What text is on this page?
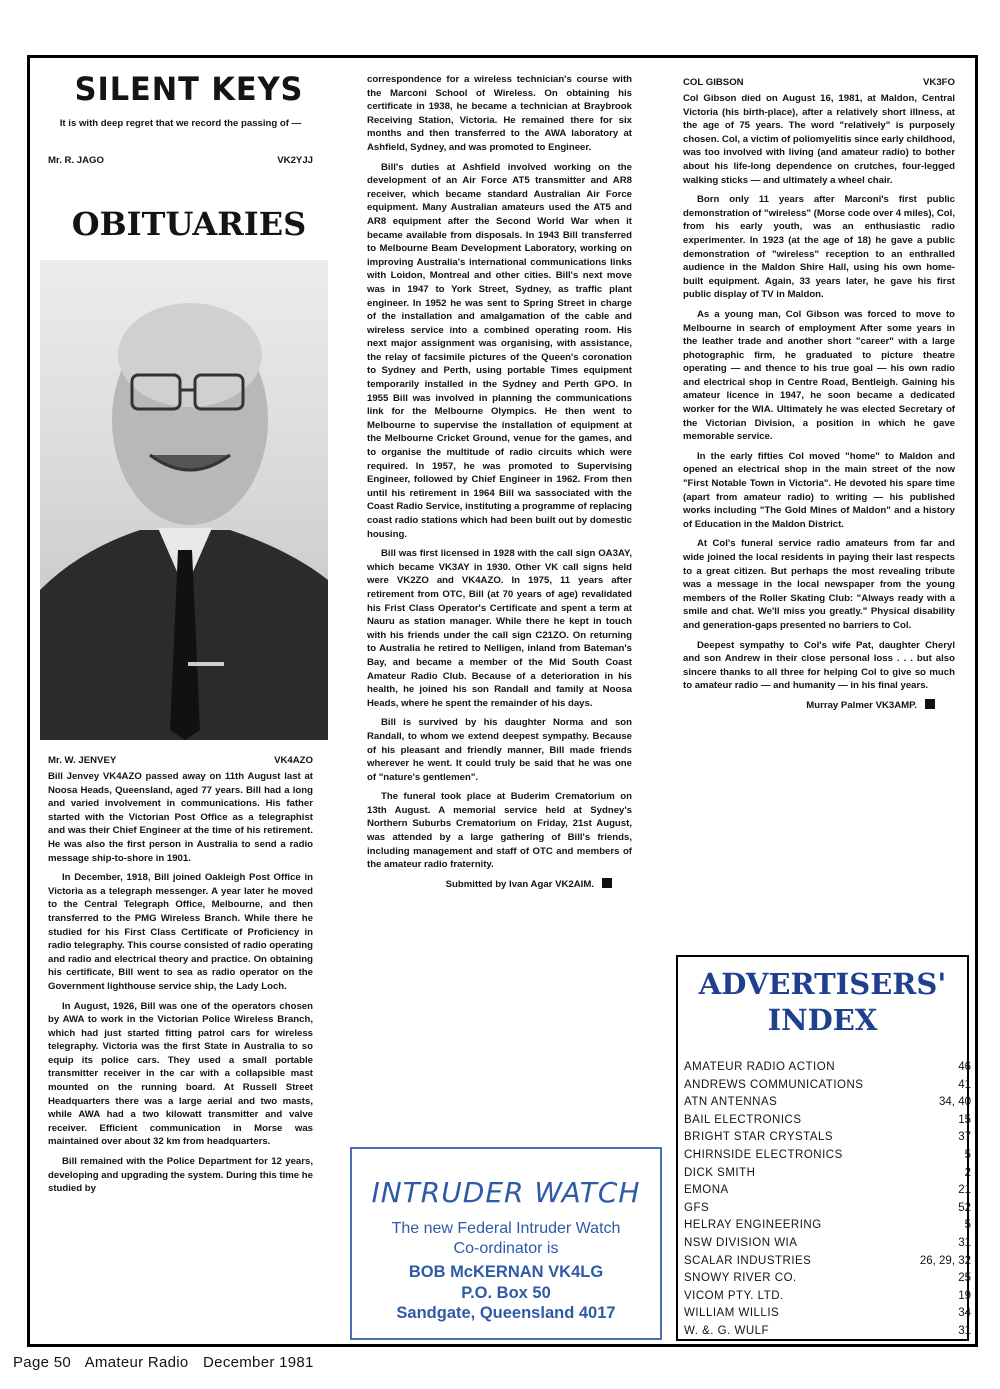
SILENT KEYS
It is with deep regret that we record the passing of —
Mr. R. JAGO	VK2YJJ
OBITUARIES
Mr. W. JENVEY	VK4AZO

Bill Jenvey VK4AZO passed away on 11th August last at Noosa Heads, Queensland, aged 77 years. Bill had a long and varied involvement in communications. His father started with the Victorian Post Office as a telegraphist and was their Chief Engineer at the time of his retirement. He was also the first person in Australia to send a radio message ship-to-shore in 1901.

In December, 1918, Bill joined Oakleigh Post Office in Victoria as a telegraph messenger. A year later he moved to the Central Telegraph Office, Melbourne, and then transferred to the PMG Wireless Branch. While there he studied for his First Class Certificate of Proficiency in radio telegraphy. This course consisted of radio operating and radio and electrical theory and practice. On obtaining his certificate, Bill went to sea as radio operator on the Government lighthouse service ship, the Lady Loch.

In August, 1926, Bill was one of the operators chosen by AWA to work in the Victorian Police Wireless Branch, which had just started fitting patrol cars for wireless telegraphy. Victoria was the first State in Australia to so equip its police cars. They used a small portable transmitter receiver in the car with a collapsible mast mounted on the running board. At Russell Street Headquarters there was a large aerial and two masts, while AWA had a two kilowatt transmitter and valve receiver. Efficient communication in Morse was maintained over about 32 km from headquarters.

Bill remained with the Police Department for 12 years, developing and upgrading the system. During this time he studied by

correspondence for a wireless technician's course with the Marconi School of Wireless. On obtaining his certificate in 1938, he became a technician at Braybrook Receiving Station, Victoria. He remained there for six months and then transferred to the AWA laboratory at Ashfield, Sydney, and was promoted to Engineer.

Bill's duties at Ashfield involved working on the development of an Air Force AT5 transmitter and AR8 receiver, which became standard Australian Air Force equipment. Many Australian amateurs used the AT5 and AR8 equipment after the Second World War when it became available from disposals. In 1943 Bill transferred to Melbourne Beam Development Laboratory, working on improving Australia's international communications links with Loidon, Montreal and other cities. Bill's next move was in 1947 to York Street, Sydney, as traffic plant engineer. In 1952 he was sent to Spring Street in charge of the installation and amalgamation of the cable and wireless service into a combined operating room. His next major assignment was organising, with assistance, the relay of facsimile pictures of the Queen's coronation to Sydney and Perth, using portable Times equipment temporarily installed in the Sydney and Perth GPO. In 1955 Bill was involved in planning the communications link for the Melbourne Olympics. He then went to Melbourne to supervise the installation of equipment at the Melbourne Cricket Ground, venue for the games, and to organise the multitude of radio circuits which were required. In 1957, he was promoted to Supervising Engineer, followed by Chief Engineer in 1962. From then until his retirement in 1964 Bill wa sassociated with the Coast Radio Service, instituting a programme of replacing coast radio stations which had been built out by domestic housing.

Bill was first licensed in 1928 with the call sign OA3AY, which became VK3AY in 1930. Other VK call signs held were VK2ZO and VK4AZO. In 1975, 11 years after retirement from OTC, Bill (at 70 years of age) revalidated his Frist Class Operator's Certificate and spent a term at Nauru as station manager. While there he kept in touch with his friends under the call sign C21ZO. On returning to Australia he retired to Nelligen, inland from Bateman's Bay, and became a member of the Mid South Coast Amateur Radio Club. Because of a deterioration in his health, he joined his son Randall and family at Noosa Heads, where he spent the remainder of his days.

Bill is survived by his daughter Norma and son Randall, to whom we extend deepest sympathy. Because of his pleasant and friendly manner, Bill made friends wherever he went. It could truly be said that he was one of "nature's gentlemen".

The funeral took place at Buderim Crematorium on 13th August. A memorial service held at Sydney's Northern Suburbs Crematorium on Friday, 21st August, was attended by a large gathering of Bill's friends, including management and staff of OTC and members of the amateur radio fraternity.

Submitted by Ivan Agar VK2AIM.
INTRUDER WATCH
The new Federal Intruder Watch
Co-ordinator is
BOB McKERNAN VK4LG
P.O. Box 50
Sandgate, Queensland 4017
COL GIBSON	VK3FO

Col Gibson died on August 16, 1981, at Maldon, Central Victoria (his birth-place), after a relatively short illness, at the age of 75 years. The word "relatively" is purposely chosen. Col, a victim of poliomyelitis since early childhood, was too involved with living (and amateur radio) to bother about his life-long dependence on crutches, four-legged walking sticks — and ultimately a wheel chair.

Born only 11 years after Marconi's first public demonstration of "wireless" (Morse code over 4 miles), Col, from his early youth, was an enthusiastic radio experimenter. In 1923 (at the age of 18) he gave a public demonstration of "wireless" reception to an enthralled audience in the Maldon Shire Hall, using his own home-built equipment. Again, 33 years later, he gave his first public display of TV in Maldon.

As a young man, Col Gibson was forced to move to Melbourne in search of employment After some years in the leather trade and another short "career" with a large photographic firm, he graduated to picture theatre operating — and thence to his true goal — his own radio and electrical shop in Centre Road, Bentleigh. Gaining his amateur licence in 1947, he soon became a dedicated worker for the WIA. Ultimately he was elected Secretary of the Victorian Division, a position in which he gave memorable service.

In the early fifties Col moved "home" to Maldon and opened an electrical shop in the main street of the now "First Notable Town in Victoria". He devoted his spare time (apart from amateur radio) to writing — his published works including "The Gold Mines of Maldon" and a history of Education in the Maldon District.

At Col's funeral service radio amateurs from far and wide joined the local residents in paying their last respects to a great citizen. But perhaps the most revealing tribute was a message in the local newspaper from the young members of the Roller Skating Club: "Always ready with a smile and chat. We'll miss you greatly." Physical disability and generation-gaps presented no barriers to Col.

Deepest sympathy to Col's wife Pat, daughter Cheryl and son Andrew in their close personal loss . . . but also sincere thanks to all three for helping Col to give so much to amateur radio — and humanity — in his final years.

Murray Palmer VK3AMP.
ADVERTISERS'
INDEX
AMATEUR RADIO ACTION	46
ANDREWS COMMUNICATIONS	41
ATN ANTENNAS	34, 40
BAIL ELECTRONICS	15
BRIGHT STAR CRYSTALS	37
CHIRNSIDE ELECTRONICS	5
DICK SMITH	2
EMONA	21
GFS	52
HELRAY ENGINEERING	5
NSW DIVISION WIA	31
SCALAR INDUSTRIES	26, 29, 32
SNOWY RIVER CO.	25
VICOM PTY. LTD.	19
WILLIAM WILLIS	34
W. &. G. WULF	31
Page 50 Amateur Radio December 1981
